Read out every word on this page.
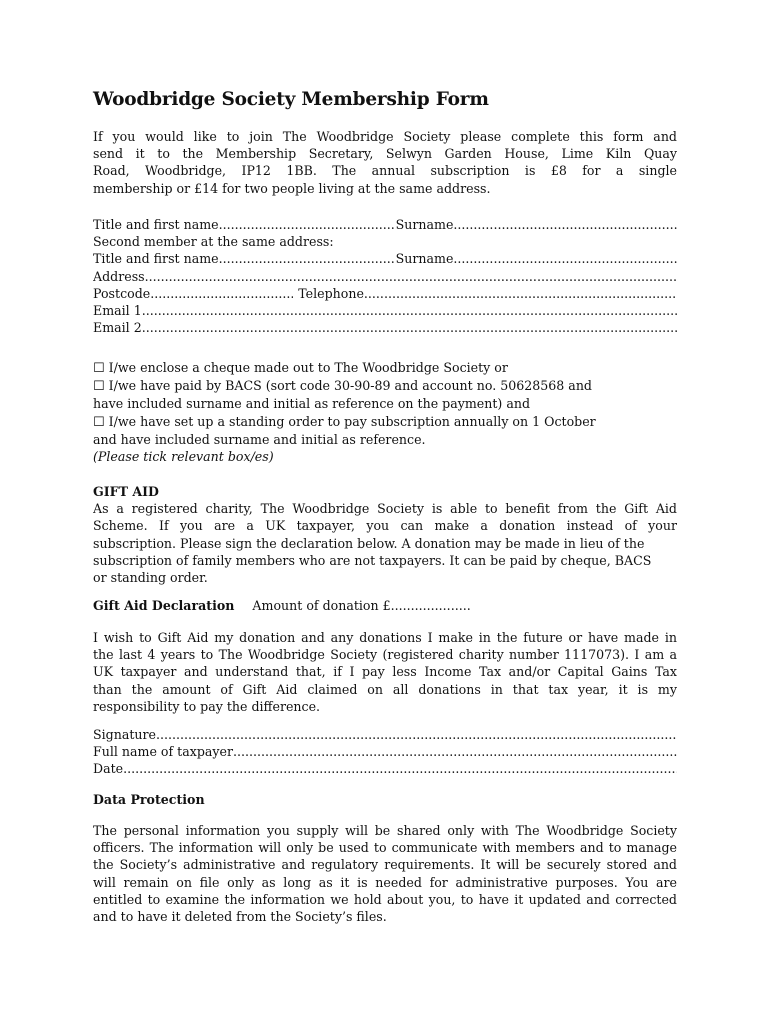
Woodbridge Society Membership Form
If you would like to join The Woodbridge Society please complete this form and
send it to the Membership Secretary, Selwyn Garden House, Lime Kiln Quay
Road, Woodbridge, IP12 1BB. The annual subscription is £8 for a single
membership or £14 for two people living at the same address.
Title and first name .....	Surname
.....
Second member at the same address:
Title and first name .....	Surname
.....
Address
.....
Postcode .....	Telephone
.....
Email 1
.....
Email 2
.....
☐ I/we enclose a cheque made out to The Woodbridge Society or
☐ I/we have paid by BACS (sort code 30-90-89 and account no. 50628568 and
have included surname and initial as reference on the payment) and
☐ I/we have set up a standing order to pay subscription annually on 1 October
and have included surname and initial as reference.
(Please tick relevant box/es)
GIFT AID
As a registered charity, The Woodbridge Society is able to benefit from the Gift Aid
Scheme. If you are a UK taxpayer, you can make a donation instead of your
subscription. Please sign the declaration below. A donation may be made in lieu of the
subscription of family members who are not taxpayers. It can be paid by cheque, BACS
or standing order.
Gift Aid Declaration Amount of donation £ .....
I wish to Gift Aid my donation and any donations I make in the future or have made in
the last 4 years to The Woodbridge Society (registered charity number 1117073). I am a
UK taxpayer and understand that, if I pay less Income Tax and/or Capital Gains Tax
than the amount of Gift Aid claimed on all donations in that tax year, it is my
responsibility to pay the difference.
Signature
.....
Full name of taxpayer
.....
Date
.....
Data Protection
The personal information you supply will be shared only with The Woodbridge Society
officers. The information will only be used to communicate with members and to manage
the Society’s administrative and regulatory requirements. It will be securely stored and
will remain on file only as long as it is needed for administrative purposes. You are
entitled to examine the information we hold about you, to have it updated and corrected
and to have it deleted from the Society’s files.
